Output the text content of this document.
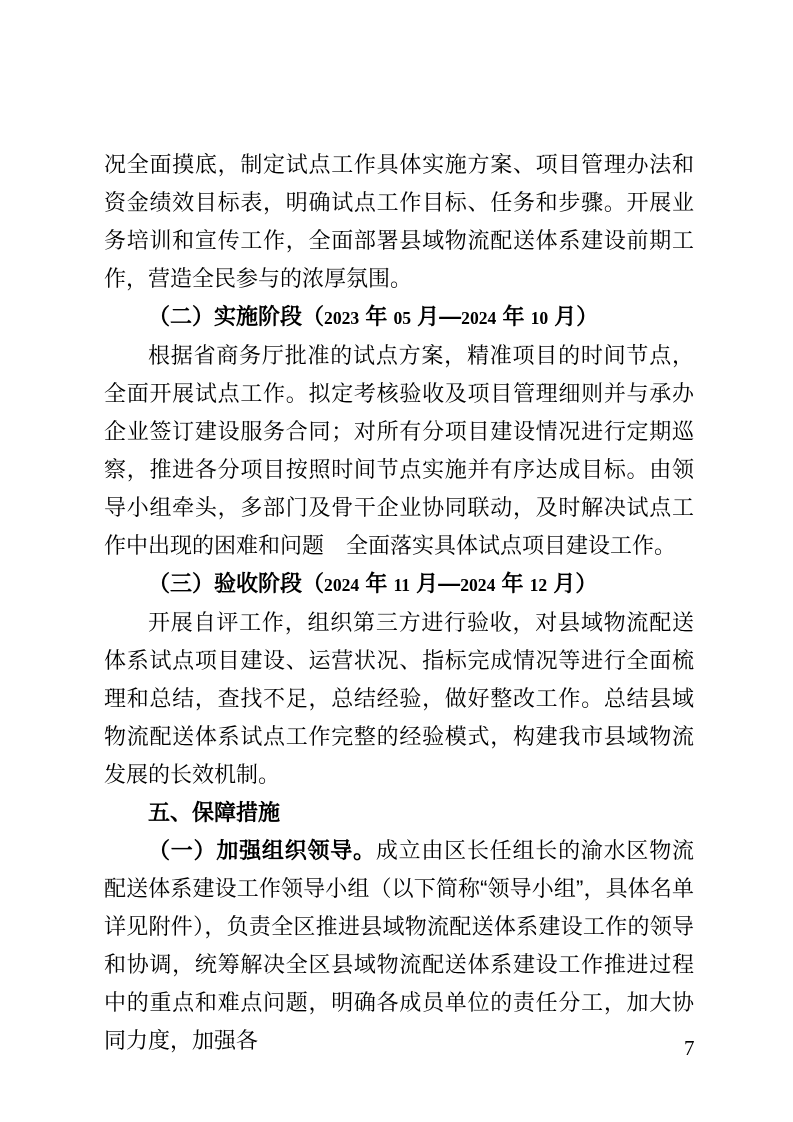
况全面摸底，制定试点工作具体实施方案、项目管理办法和资金绩效目标表，明确试点工作目标、任务和步骤。开展业务培训和宣传工作，全面部署县域物流配送体系建设前期工作，营造全民参与的浓厚氛围。

（二）实施阶段（2023 年 05 月—2024 年 10 月）

根据省商务厅批准的试点方案，精准项目的时间节点，全面开展试点工作。拟定考核验收及项目管理细则并与承办企业签订建设服务合同；对所有分项目建设情况进行定期巡察，推进各分项目按照时间节点实施并有序达成目标。由领导小组牵头，多部门及骨干企业协同联动，及时解决试点工作中出现的困难和问题　全面落实具体试点项目建设工作。

（三）验收阶段（2024 年 11 月—2024 年 12 月）

开展自评工作，组织第三方进行验收，对县域物流配送体系试点项目建设、运营状况、指标完成情况等进行全面梳理和总结，查找不足，总结经验，做好整改工作。总结县域物流配送体系试点工作完整的经验模式，构建我市县域物流发展的长效机制。

五、保障措施

（一）加强组织领导。成立由区长任组长的渝水区物流配送体系建设工作领导小组（以下简称“领导小组”，具体名单详见附件），负责全区推进县域物流配送体系建设工作的领导和协调，统筹解决全区县域物流配送体系建设工作推进过程中的重点和难点问题，明确各成员单位的责任分工，加大协同力度，加强各	7
